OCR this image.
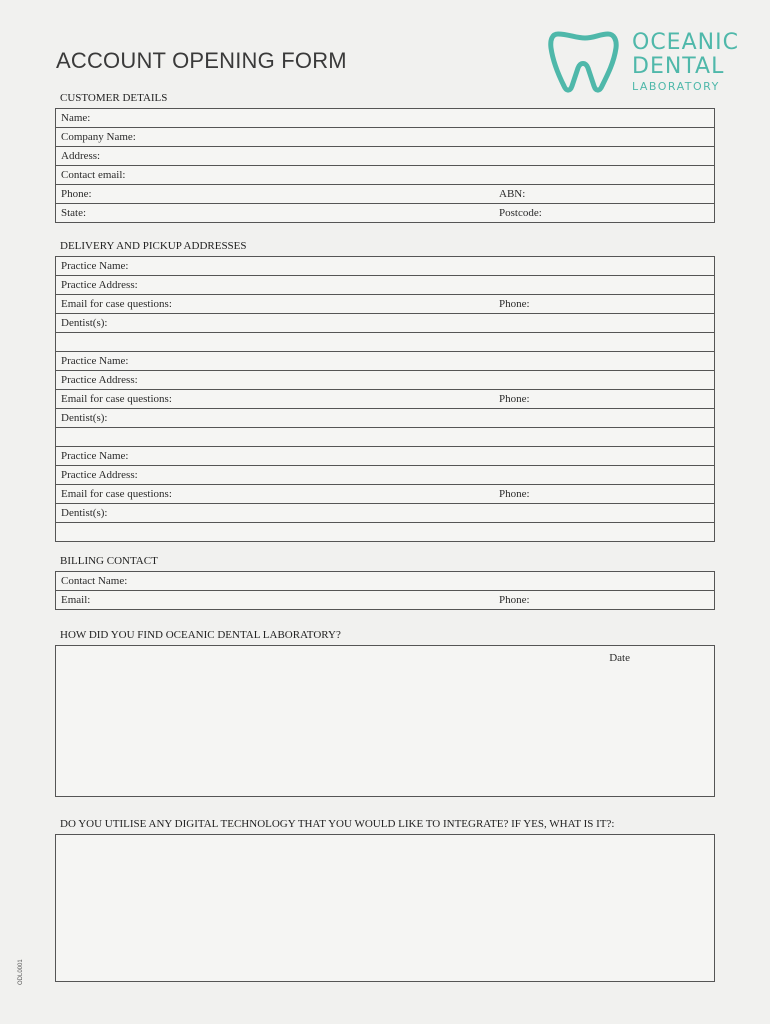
ACCOUNT OPENING FORM
OCEANIC
DENTAL
LABORATORY
CUSTOMER DETAILS
Name:
Company Name:
Address:
Contact email:
Phone:	ABN:
State:	Postcode:
DELIVERY AND PICKUP ADDRESSES
Practice Name:
Practice Address:
Email for case questions:	Phone:
Dentist(s):
Practice Name:
Practice Address:
Email for case questions:	Phone:
Dentist(s):
Practice Name:
Practice Address:
Email for case questions:	Phone:
Dentist(s):
BILLING CONTACT
Contact Name:
Email:	Phone:
HOW DID YOU FIND OCEANIC DENTAL LABORATORY?
Date
DO YOU UTILISE ANY DIGITAL TECHNOLOGY THAT YOU WOULD LIKE TO INTEGRATE? IF YES, WHAT IS IT?:
ODL0001
